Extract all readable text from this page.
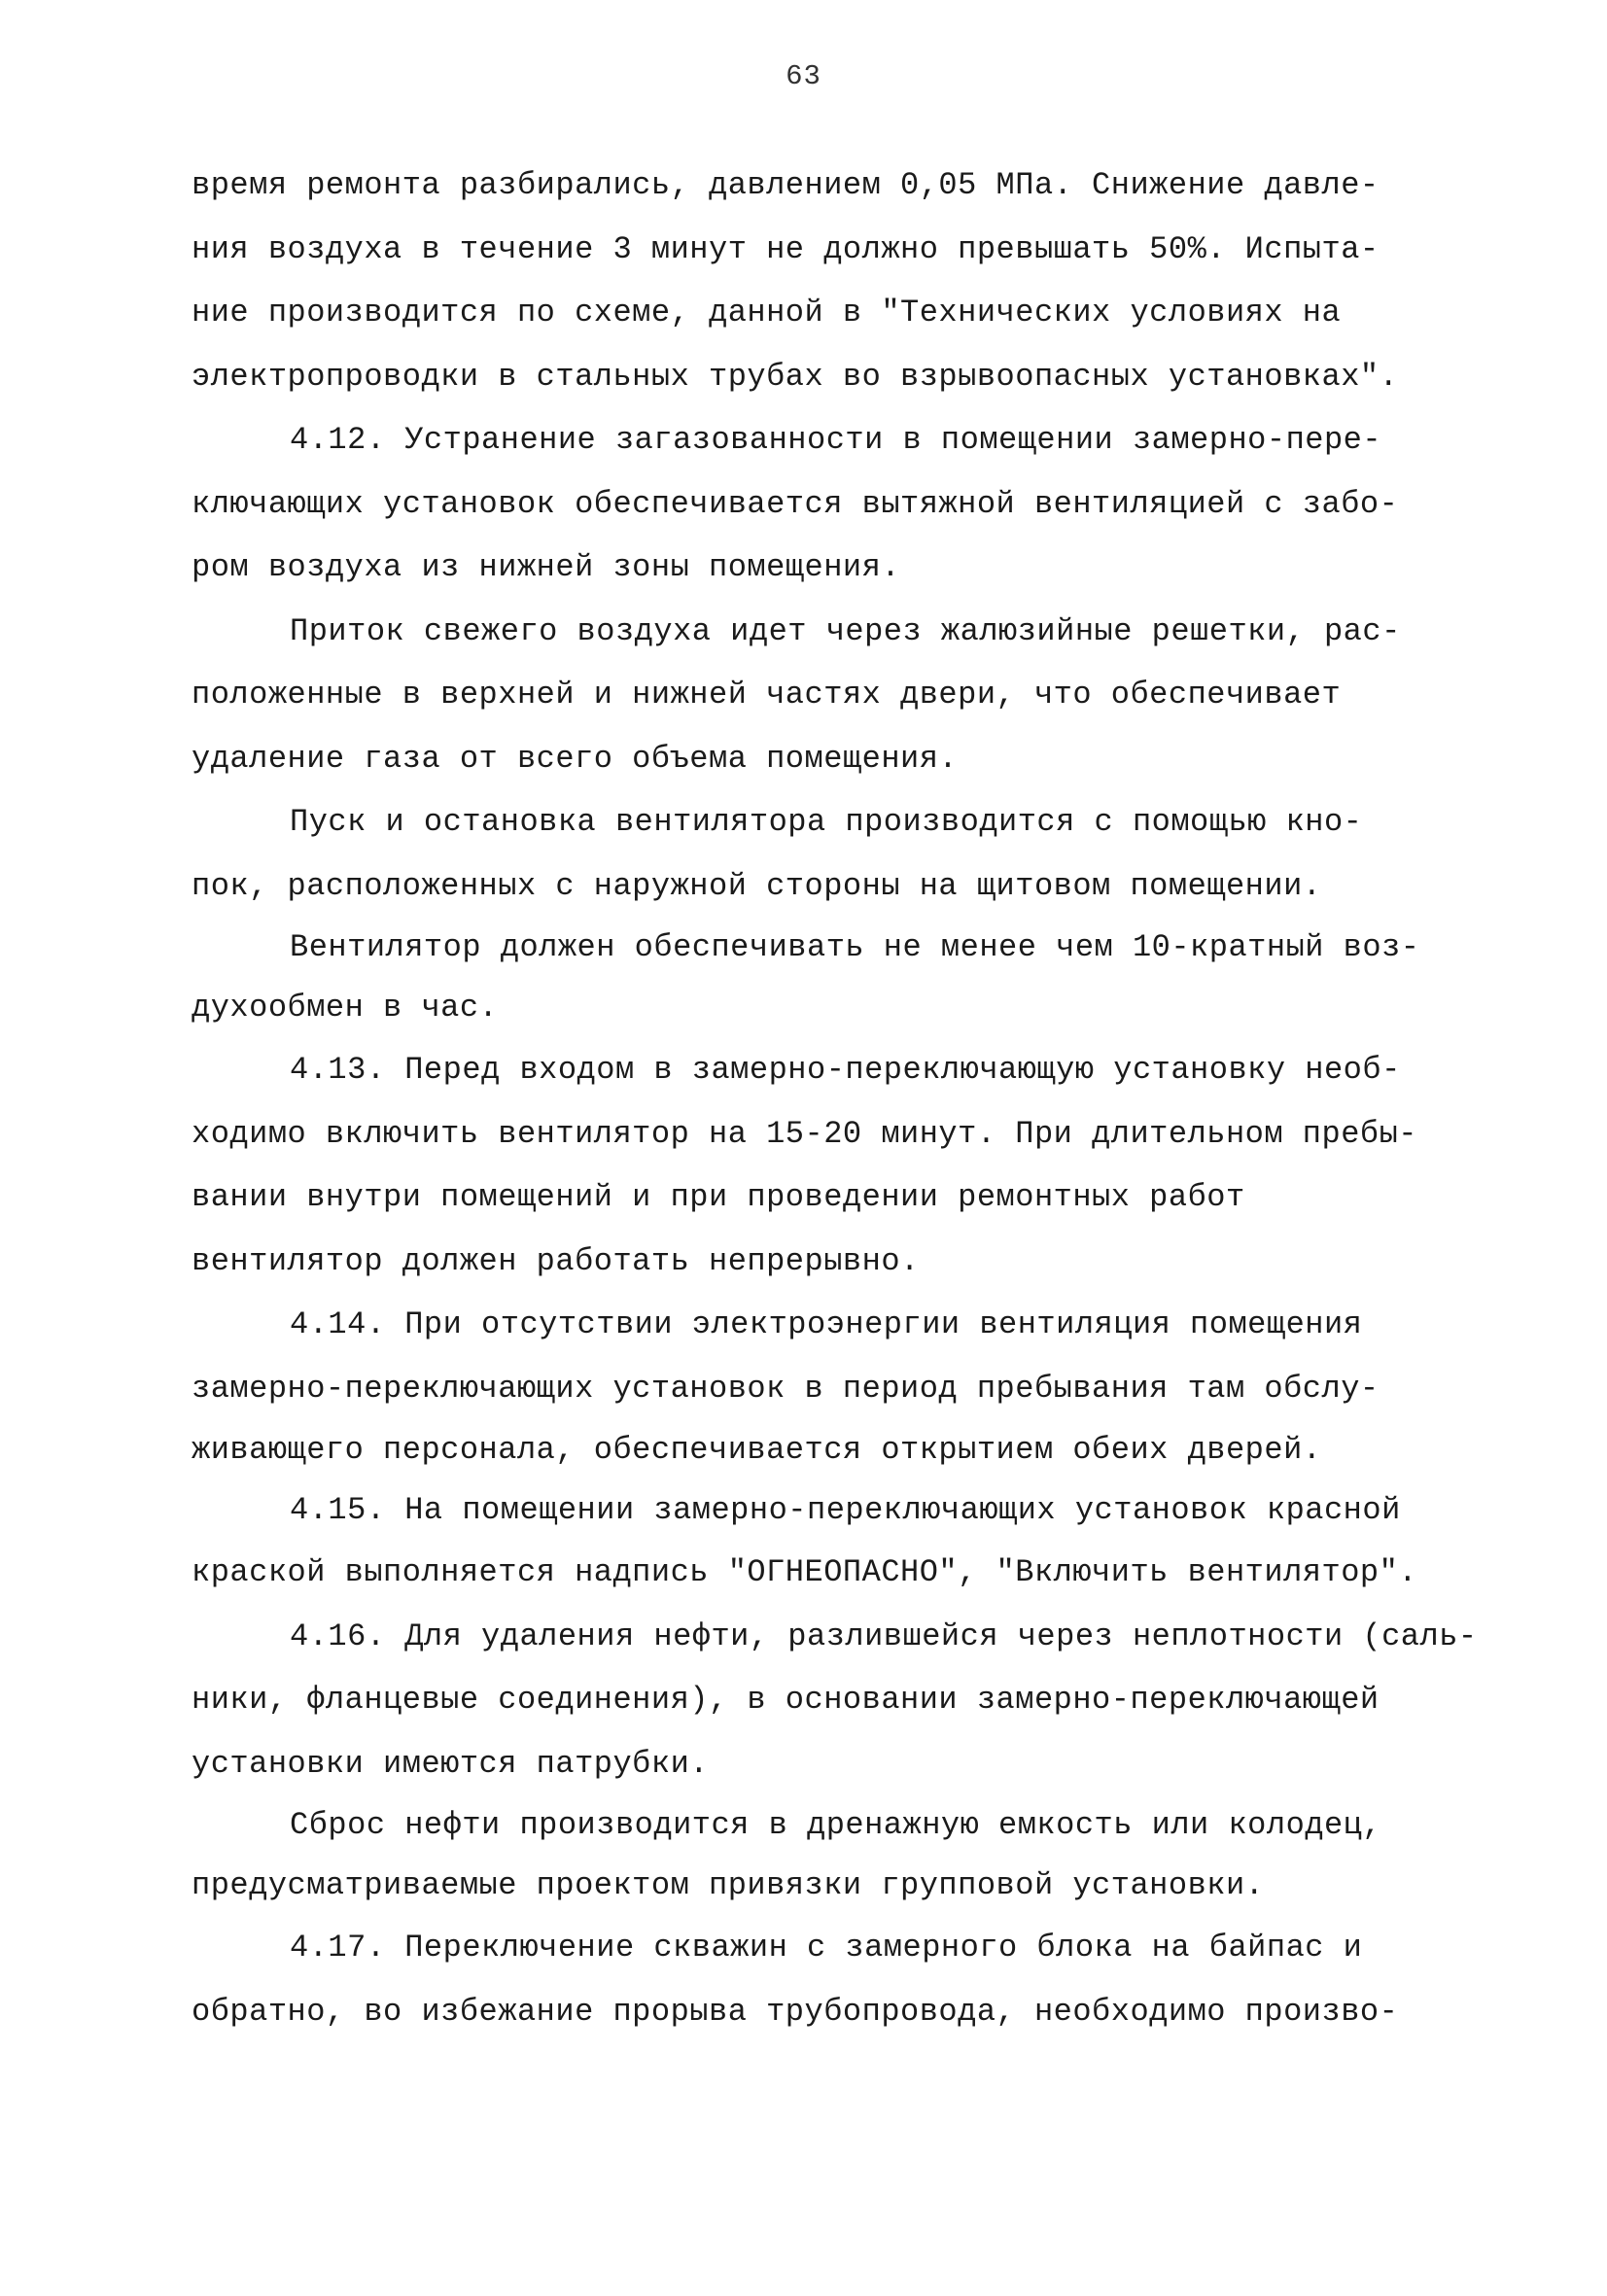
63
время ремонта разбирались, давлением 0,05 МПа. Снижение давле-
ния воздуха в течение 3 минут не должно превышать 50%. Испыта-
ние производится по схеме, данной в "Технических условиях на
электропроводки в стальных трубах во взрывоопасных установках".
4.12. Устранение загазованности в помещении замерно-пере-
ключающих установок обеспечивается вытяжной вентиляцией с забо-
ром воздуха из нижней зоны помещения.
Приток свежего воздуха идет через жалюзийные решетки, рас-
положенные в верхней и нижней частях двери, что обеспечивает
удаление газа от всего объема помещения.
Пуск и остановка вентилятора производится с помощью кно-
пок, расположенных с наружной стороны на щитовом помещении.
Вентилятор должен обеспечивать не менее чем 10-кратный воз-
духообмен в час.
4.13. Перед входом в замерно-переключающую установку необ-
ходимо включить вентилятор на 15-20 минут. При длительном пребы-
вании внутри помещений и при проведении ремонтных работ
вентилятор должен работать непрерывно.
4.14. При отсутствии электроэнергии вентиляция помещения
замерно-переключающих установок в период пребывания там обслу-
живающего персонала, обеспечивается открытием обеих дверей.
4.15. На помещении замерно-переключающих установок красной
краской выполняется надпись "ОГНЕОПАСНО", "Включить вентилятор".
4.16. Для удаления нефти, разлившейся через неплотности (саль-
ники, фланцевые соединения), в основании замерно-переключающей
установки имеются патрубки.
Сброс нефти производится в дренажную емкость или колодец,
предусматриваемые проектом привязки групповой установки.
4.17. Переключение скважин с замерного блока на байпас и
обратно, во избежание прорыва трубопровода, необходимо произво-
